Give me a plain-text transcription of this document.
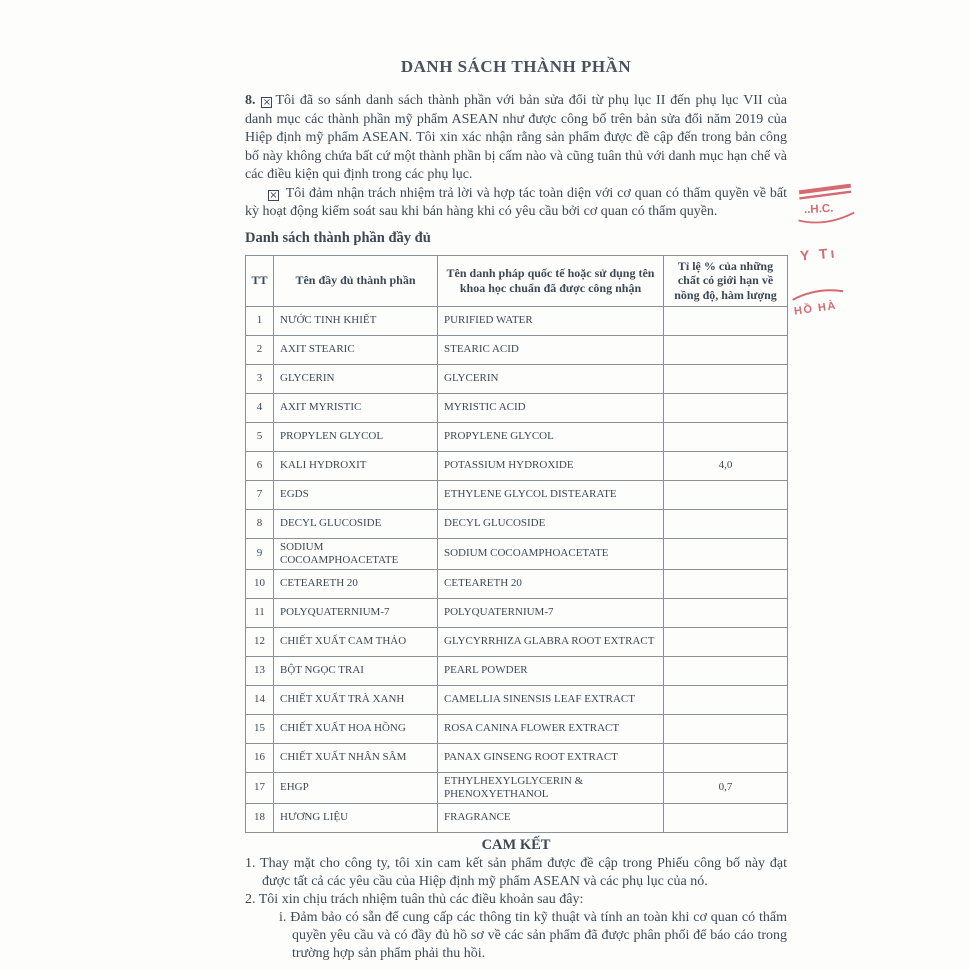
DANH SÁCH THÀNH PHẦN

8. × Tôi đã so sánh danh sách thành phần với bản sửa đổi từ phụ lục II đến phụ lục VII của danh mục các thành phần mỹ phẩm ASEAN như được công bố trên bản sửa đổi năm 2019 của Hiệp định mỹ phẩm ASEAN. Tôi xin xác nhận rằng sản phẩm được đề cập đến trong bản công bố này không chứa bất cứ một thành phần bị cấm nào và cũng tuân thủ với danh mục hạn chế và các điều kiện qui định trong các phụ lục.

× Tôi đảm nhận trách nhiệm trả lời và hợp tác toàn diện với cơ quan có thẩm quyền về bất kỳ hoạt động kiểm soát sau khi bán hàng khi có yêu cầu bởi cơ quan có thẩm quyền.

Danh sách thành phần đầy đủ
TT	Tên đầy đủ thành phần	Tên danh pháp quốc tế hoặc sử dụng tên khoa học chuẩn đã được công nhận	Tỉ lệ % của những chất có giới hạn về nồng độ, hàm lượng
1	NƯỚC TINH KHIẾT	PURIFIED WATER	
2	AXIT STEARIC	STEARIC ACID	
3	GLYCERIN	GLYCERIN	
4	AXIT MYRISTIC	MYRISTIC ACID	
5	PROPYLEN GLYCOL	PROPYLENE GLYCOL	
6	KALI HYDROXIT	POTASSIUM HYDROXIDE	4,0
7	EGDS	ETHYLENE GLYCOL DISTEARATE	
8	DECYL GLUCOSIDE	DECYL GLUCOSIDE	
9	SODIUM COCOAMPHOACETATE	SODIUM COCOAMPHOACETATE	
10	CETEARETH 20	CETEARETH 20	
11	POLYQUATERNIUM-7	POLYQUATERNIUM-7	
12	CHIẾT XUẤT CAM THẢO	GLYCYRRHIZA GLABRA ROOT EXTRACT	
13	BỘT NGỌC TRAI	PEARL POWDER	
14	CHIẾT XUẤT TRÀ XANH	CAMELLIA SINENSIS LEAF EXTRACT	
15	CHIẾT XUẤT HOA HỒNG	ROSA CANINA FLOWER EXTRACT	
16	CHIẾT XUẤT NHÂN SÂM	PANAX GINSENG ROOT EXTRACT	
17	EHGP	ETHYLHEXYLGLYCERIN & PHENOXYETHANOL	0,7
18	HƯƠNG LIỆU	FRAGRANCE	
CAM KẾT
1. Thay mặt cho công ty, tôi xin cam kết sản phẩm được đề cập trong Phiếu công bố này đạt được tất cả các yêu cầu của Hiệp định mỹ phẩm ASEAN và các phụ lục của nó.
2. Tôi xin chịu trách nhiệm tuân thủ các điều khoản sau đây:
i. Đảm bảo có sẵn để cung cấp các thông tin kỹ thuật và tính an toàn khi cơ quan có thẩm quyền yêu cầu và có đầy đủ hồ sơ về các sản phẩm đã được phân phối để báo cáo trong trường hợp sản phẩm phải thu hồi.
..H.C.
Y Tı
HỒ HÀ
